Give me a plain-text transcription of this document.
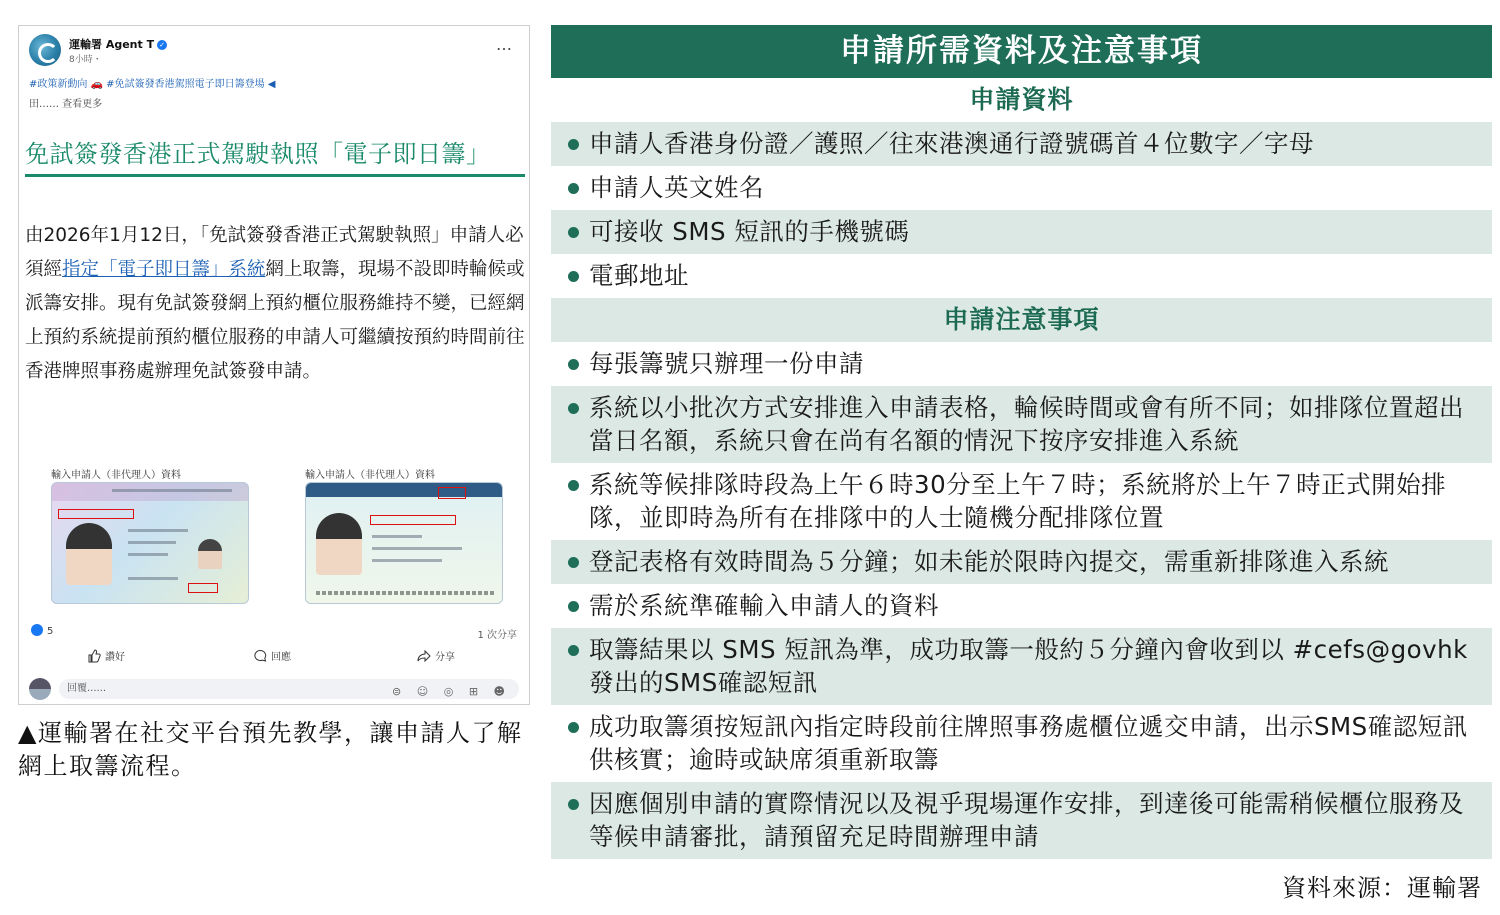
運輸署 Agent T ✓
8小時・
…
#政策新動向 🚗 #免試簽發香港駕照電子即日籌登場 ◀
田…… 查看更多
免試簽發香港正式駕駛執照「電子即日籌」
由2026年1月12日，「免試簽發香港正式駕駛執照」申請人必須經指定「電子即日籌」系統網上取籌，現場不設即時輪候或派籌安排。現有免試簽發網上預約櫃位服務維持不變，已經網上預約系統提前預約櫃位服務的申請人可繼續按預約時間前往香港牌照事務處辦理免試簽發申請。
輸入申請人（非代理人）資料	輸入申請人（非代理人）資料
5	1 次分享
讚好	回應	分享
回覆......	⊜ ☺ ◎ ⊞ ☻
▲運輸署在社交平台預先教學，讓申請人了解網上取籌流程。
申請所需資料及注意事項
申請資料
申請人香港身份證／護照／往來港澳通行證號碼首４位數字／字母
申請人英文姓名
可接收 SMS 短訊的手機號碼
電郵地址
申請注意事項
每張籌號只辦理一份申請
系統以小批次方式安排進入申請表格，輪候時間或會有所不同；如排隊位置超出當日名額，系統只會在尚有名額的情況下按序安排進入系統
系統等候排隊時段為上午６時30分至上午７時；系統將於上午７時正式開始排隊，並即時為所有在排隊中的人士隨機分配排隊位置
登記表格有效時間為５分鐘；如未能於限時內提交，需重新排隊進入系統
需於系統準確輸入申請人的資料
取籌結果以 SMS 短訊為準，成功取籌一般約５分鐘內會收到以 #cefs@govhk發出的SMS確認短訊
成功取籌須按短訊內指定時段前往牌照事務處櫃位遞交申請，出示SMS確認短訊供核實；逾時或缺席須重新取籌
因應個別申請的實際情況以及視乎現場運作安排，到達後可能需稍候櫃位服務及等候申請審批，請預留充足時間辦理申請
資料來源：運輸署
